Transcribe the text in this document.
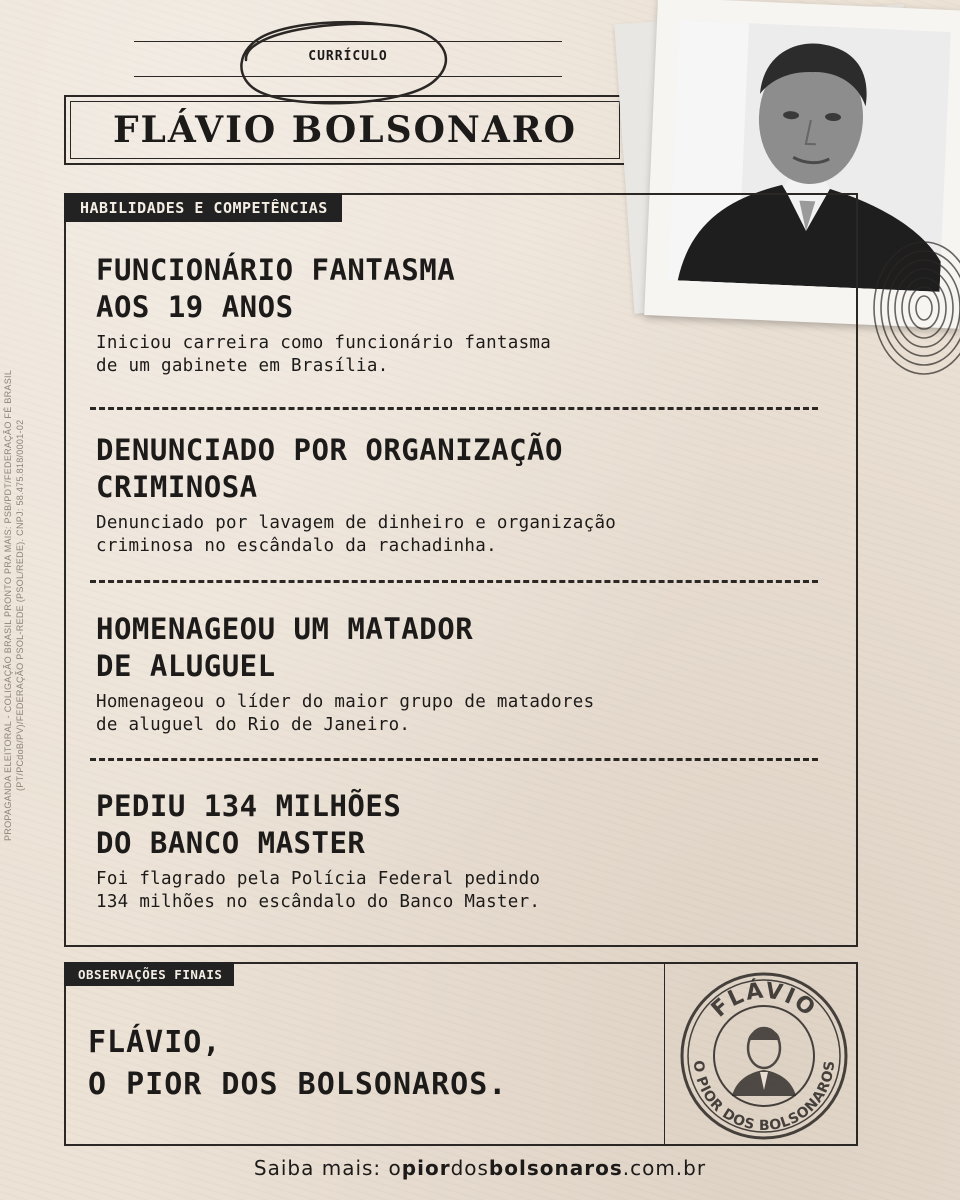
PROPAGANDA ELEITORAL - COLIGAÇÃO BRASIL PRONTO PRA MAIS: PSB/PDT/FEDERAÇÃO FÉ BRASIL (PT/PCdoB/PV)/FEDERAÇÃO PSOL-REDE (PSOL/REDE). CNPJ: 58.475.818/0001-02
CURRÍCULO
FLÁVIO BOLSONARO
HABILIDADES E COMPETÊNCIAS
FUNCIONÁRIO FANTASMA
AOS 19 ANOS

Iniciou carreira como funcionário fantasma
de um gabinete em Brasília.

DENUNCIADO POR ORGANIZAÇÃO
CRIMINOSA

Denunciado por lavagem de dinheiro e organização
criminosa no escândalo da rachadinha.

HOMENAGEOU UM MATADOR
DE ALUGUEL

Homenageou o líder do maior grupo de matadores
de aluguel do Rio de Janeiro.

PEDIU 134 MILHÕES
DO BANCO MASTER

Foi flagrado pela Polícia Federal pedindo
134 milhões no escândalo do Banco Master.

OBSERVAÇÕES FINAIS
FLÁVIO,
O PIOR DOS BOLSONAROS.
FLÁVIO
O PIOR DOS BOLSONAROS
Saiba mais: opiordosbolsonaros.com.br
